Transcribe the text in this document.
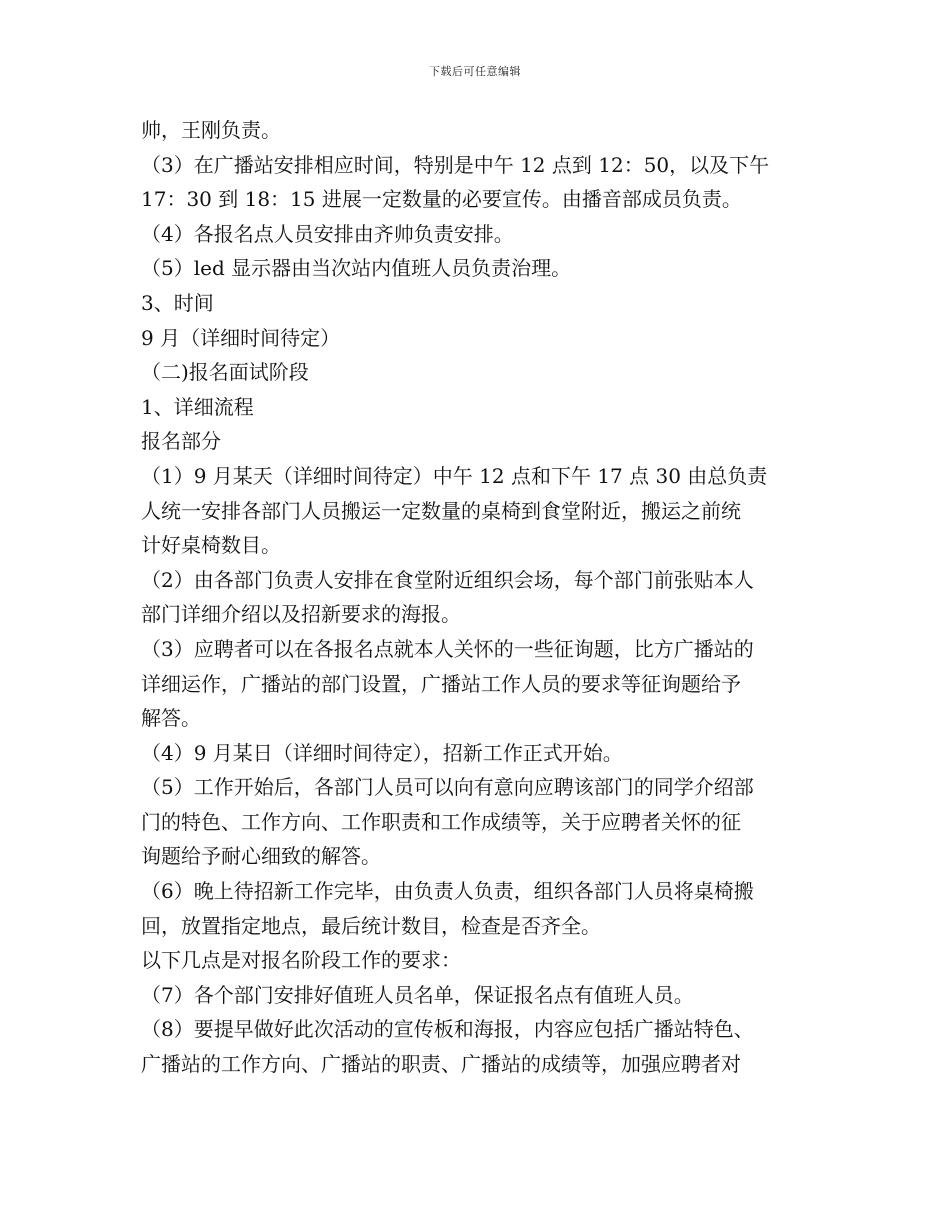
下载后可任意编辑
帅，王刚负责。
（3）在广播站安排相应时间，特别是中午 12 点到 12：50，以及下午
17：30 到 18：15 进展一定数量的必要宣传。由播音部成员负责。
（4）各报名点人员安排由齐帅负责安排。
（5）led 显示器由当次站内值班人员负责治理。
3、时间
9 月（详细时间待定）
（二)报名面试阶段
1、详细流程
报名部分
（1）9 月某天（详细时间待定）中午 12 点和下午 17 点 30 由总负责
人统一安排各部门人员搬运一定数量的桌椅到食堂附近，搬运之前统
计好桌椅数目。
（2）由各部门负责人安排在食堂附近组织会场，每个部门前张贴本人
部门详细介绍以及招新要求的海报。
（3）应聘者可以在各报名点就本人关怀的一些征询题，比方广播站的
详细运作，广播站的部门设置，广播站工作人员的要求等征询题给予
解答。
（4）9 月某日（详细时间待定），招新工作正式开始。
（5）工作开始后，各部门人员可以向有意向应聘该部门的同学介绍部
门的特色、工作方向、工作职责和工作成绩等，关于应聘者关怀的征
询题给予耐心细致的解答。
（6）晚上待招新工作完毕，由负责人负责，组织各部门人员将桌椅搬
回，放置指定地点，最后统计数目，检查是否齐全。
以下几点是对报名阶段工作的要求：
（7）各个部门安排好值班人员名单，保证报名点有值班人员。
（8）要提早做好此次活动的宣传板和海报，内容应包括广播站特色、
广播站的工作方向、广播站的职责、广播站的成绩等，加强应聘者对
